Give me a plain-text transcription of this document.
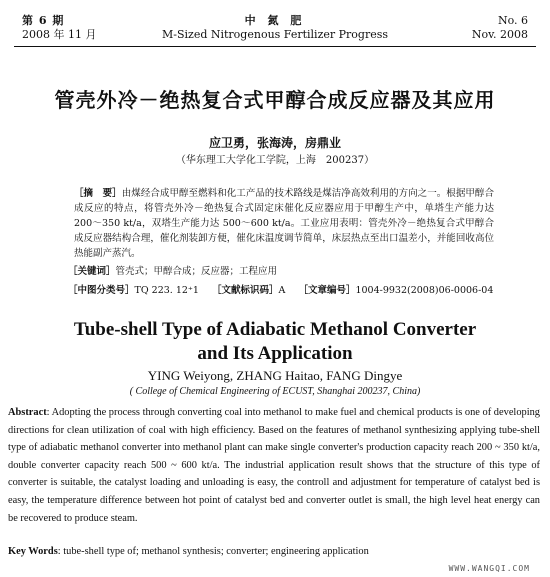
第 6 期
2008 年 11 月
中 氮 肥
M-Sized Nitrogenous Fertilizer Progress
No. 6
Nov. 2008
管壳外冷－绝热复合式甲醇合成反应器及其应用
应卫勇，张海涛，房鼎业
（华东理工大学化工学院，上海　200237）
［摘　要］由煤经合成甲醇至燃料和化工产品的技术路线是煤洁净高效利用的方向之一。根据甲醇合成反应的特点，将管壳外冷－绝热复合式固定床催化反应器应用于甲醇生产中，单塔生产能力达 200～350 kt/a，双塔生产能力达 500～600 kt/a。工业应用表明：管壳外冷－绝热复合式甲醇合成反应器结构合理，催化剂装卸方便，催化床温度调节简单，床层热点至出口温差小，并能回收高位热能副产蒸汽。
［关键词］管壳式；甲醇合成；反应器；工程应用
［中图分类号］TQ 223. 12⁺1 ［文献标识码］A ［文章编号］1004-9932(2008)06-0006-04
Tube-shell Type of Adiabatic Methanol Converter
and Its Application
YING Weiyong, ZHANG Haitao, FANG Dingye
( College of Chemical Engineering of ECUST, Shanghai 200237, China)
Abstract: Adopting the process through converting coal into methanol to make fuel and chemical products is one of developing directions for clean utilization of coal with high efficiency. Based on the features of methanol synthesizing applying tube-shell type of adiabatic methanol converter into methanol plant can make single converter's production capacity reach 200 ~ 350 kt/a, double converter capacity reach 500 ~ 600 kt/a. The industrial application result shows that the structure of this type of converter is suitable, the catalyst loading and unloading is easy, the controll and adjustment for temperature of catalyst bed is easy, the temperature difference between hot point of catalyst bed and converter outlet is small, the high level heat energy can be recovered to produce steam.
Key Words: tube-shell type of; methanol synthesis; converter; engineering application
WWW.WANGQI.COM
